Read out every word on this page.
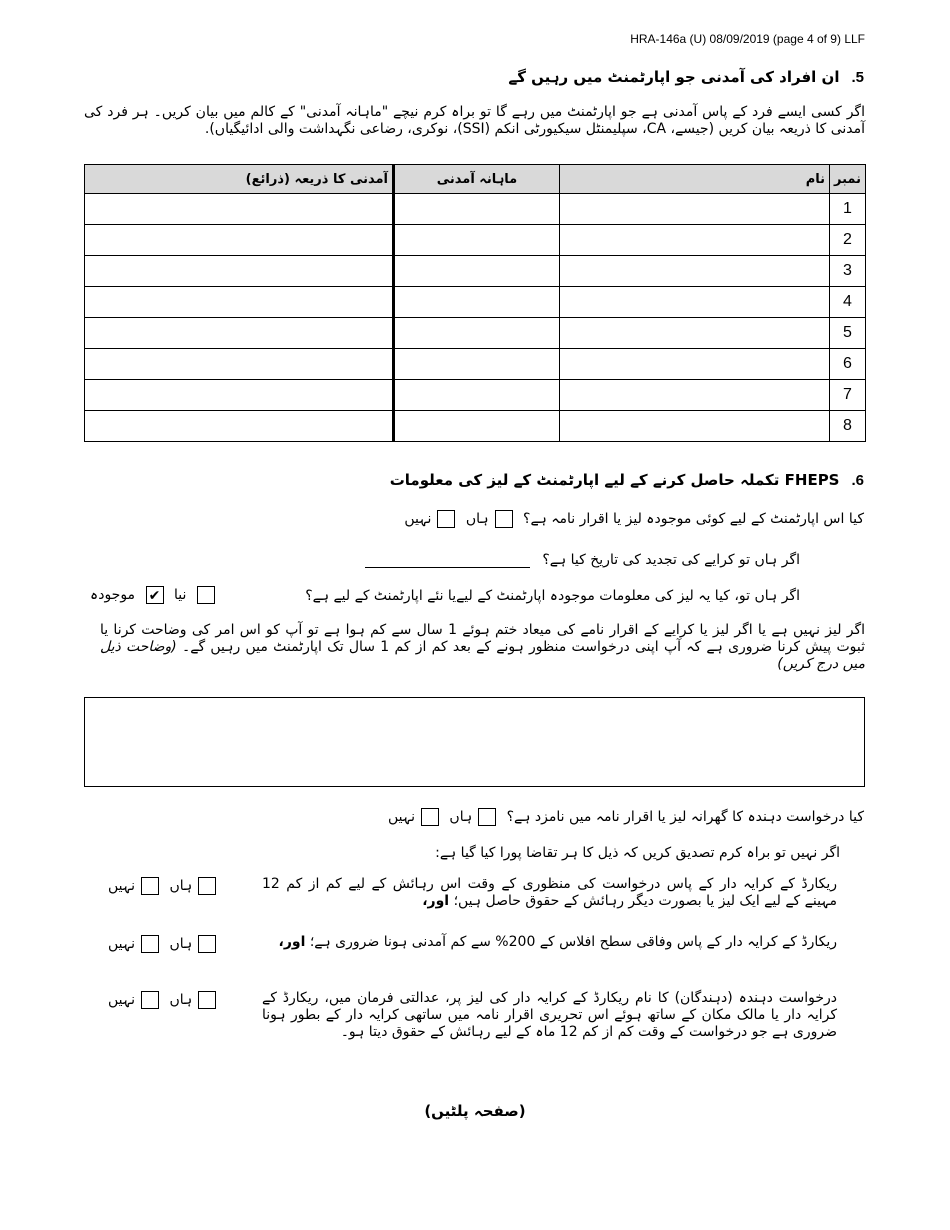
HRA-146a (U) 08/09/2019 (page 4 of 9) LLF
5.ان افراد کی آمدنی جو اپارٹمنٹ میں رہیں گے
اگر کسی ایسے فرد کے پاس آمدنی ہے جو اپارٹمنٹ میں رہے گا تو براہ کرم نیچے "ماہانہ آمدنی" کے کالم میں بیان کریں۔ ہر فرد کی آمدنی کا ذریعہ بیان کریں (جیسے، CA، سپلیمنٹل سیکیورٹی انکم (SSI)، نوکری، رضاعی نگہداشت والی ادائیگیاں).
نمبر	نام	ماہانہ آمدنی	آمدنی کا ذریعہ (ذرائع)
1			
2			
3			
4			
5			
6			
7			
8			
6.FHEPS تکملہ حاصل کرنے کے لیے اپارٹمنٹ کے لیز کی معلومات
کیا اس اپارٹمنٹ کے لیے کوئی موجودہ لیز یا اقرار نامہ ہے؟ ہاں نہیں
اگر ہاں تو کرایے کی تجدید کی تاریخ کیا ہے؟
اگر ہاں تو، کیا یہ لیز کی معلومات موجودہ اپارٹمنٹ کے لیےیا نئے اپارٹمنٹ کے لیے ہے؟
نیا ✔ موجودہ
اگر لیز نہیں ہے یا اگر لیز یا کرایے کے اقرار نامے کی میعاد ختم ہوئے 1 سال سے کم ہوا ہے تو آپ کو اس امر کی وضاحت کرنا یا ثبوت پیش کرنا ضروری ہے کہ آپ اپنی درخواست منظور ہونے کے بعد کم از کم 1 سال تک اپارٹمنٹ میں رہیں گے۔ (وضاحت ذیل میں درج کریں)
کیا درخواست دہندہ کا گھرانہ لیز یا اقرار نامہ میں نامزد ہے؟ ہاں نہیں
اگر نہیں تو براہ کرم تصدیق کریں کہ ذیل کا ہر تقاضا پورا کیا گیا ہے:
ریکارڈ کے کرایہ دار کے پاس درخواست کی منظوری کے وقت اس رہائش کے لیے کم از کم 12 مہینے کے لیے ایک لیز یا بصورت دیگر رہائش کے حقوق حاصل ہیں؛ اور،
ہاں نہیں
ریکارڈ کے کرایہ دار کے پاس وفاقی سطح افلاس کے 200% سے کم آمدنی ہونا ضروری ہے؛ اور،
ہاں نہیں
درخواست دہندہ (دہندگان) کا نام ریکارڈ کے کرایہ دار کی لیز پر، عدالتی فرمان میں، ریکارڈ کے کرایہ دار یا مالک مکان کے ساتھ ہوئے اس تحریری اقرار نامہ میں ساتھی کرایہ دار کے بطور ہونا ضروری ہے جو درخواست کے وقت کم از کم 12 ماہ کے لیے رہائش کے حقوق دیتا ہو۔
ہاں نہیں
(صفحہ پلٹیں)
